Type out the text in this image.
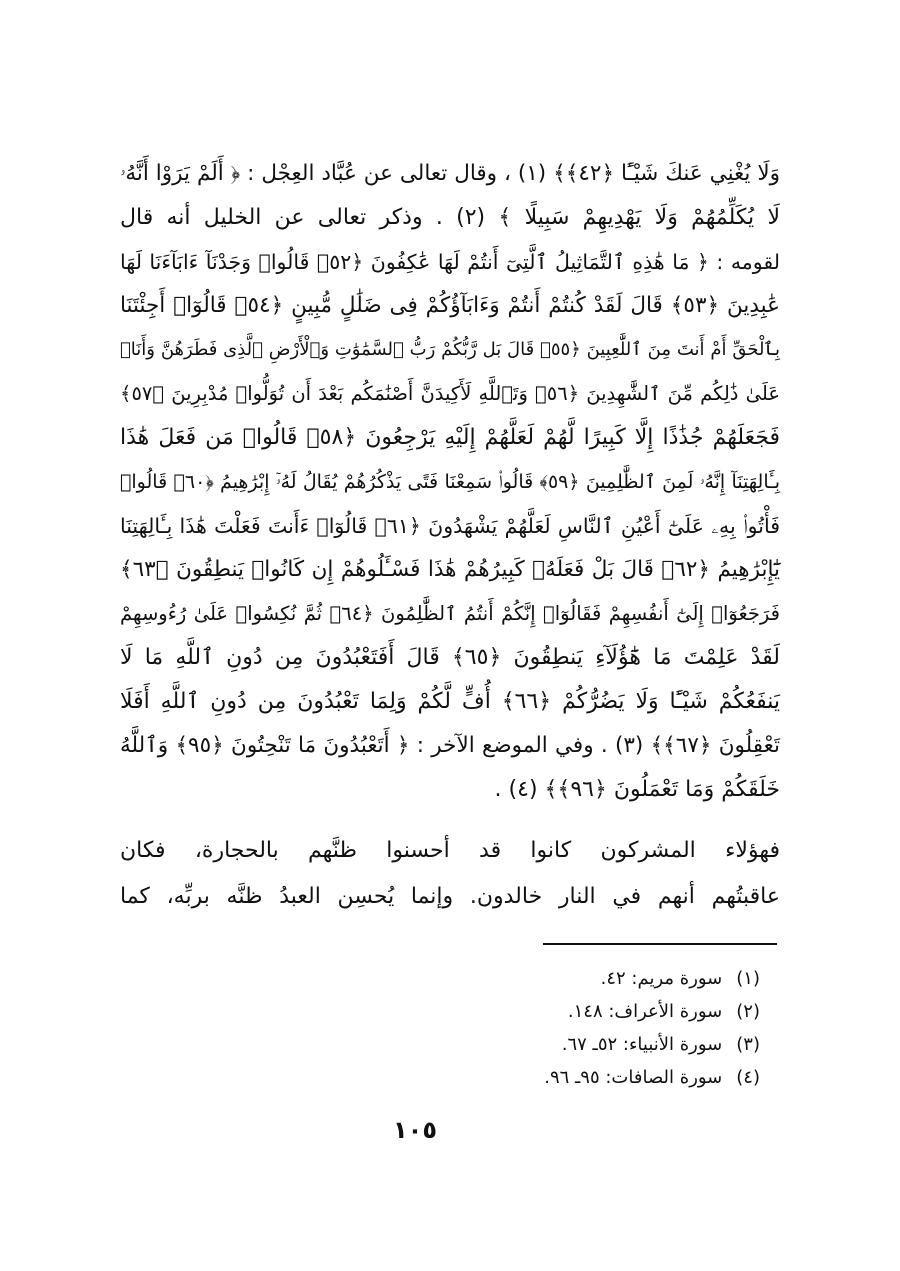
وَلَا يُغْنِي عَنكَ شَيْـًٔا ﴿٤٢﴾﴾ (١) ، وقال تعالى عن عُبَّاد العِجْل : ﴿ أَلَمْ يَرَوْا أَنَّهُۥ
لَا يُكَلِّمُهُمْ وَلَا يَهْدِيهِمْ سَبِيلًا ﴾ (٢) . وذكر تعالى عن الخليل أنه قال
لقومه : ﴿ مَا هَٰذِهِ ٱلتَّمَاثِيلُ ٱلَّتِىٓ أَنتُمْ لَهَا عَٰكِفُونَ ﴿٥٢﴾ قَالُوا۟ وَجَدْنَآ ءَابَآءَنَا لَهَا
عَٰبِدِينَ ﴿٥٣﴾ قَالَ لَقَدْ كُنتُمْ أَنتُمْ وَءَابَآؤُكُمْ فِى ضَلَٰلٍ مُّبِينٍ ﴿٥٤﴾ قَالُوٓا۟ أَجِئْتَنَا
بِٱلْحَقِّ أَمْ أَنتَ مِنَ ٱللَّٰعِبِينَ ﴿٥٥﴾ قَالَ بَل رَّبُّكُمْ رَبُّ ٱلسَّمَٰوَٰتِ وَٱلْأَرْضِ ٱلَّذِى فَطَرَهُنَّ وَأَنَا۠
عَلَىٰ ذَٰلِكُم مِّنَ ٱلشَّٰهِدِينَ ﴿٥٦﴾ وَتَٱللَّهِ لَأَكِيدَنَّ أَصْنَٰمَكُم بَعْدَ أَن تُوَلُّوا۟ مُدْبِرِينَ ﴿٥٧﴾
فَجَعَلَهُمْ جُذَٰذًا إِلَّا كَبِيرًا لَّهُمْ لَعَلَّهُمْ إِلَيْهِ يَرْجِعُونَ ﴿٥٨﴾ قَالُوا۟ مَن فَعَلَ هَٰذَا
بِـَٔالِهَتِنَآ إِنَّهُۥ لَمِنَ ٱلظَّٰلِمِينَ ﴿٥٩﴾ قَالُوا۟ سَمِعْنَا فَتًى يَذْكُرُهُمْ يُقَالُ لَهُۥٓ إِبْرَٰهِيمُ ﴿٦٠﴾ قَالُوا۟
فَأْتُوا۟ بِهِۦ عَلَىٰٓ أَعْيُنِ ٱلنَّاسِ لَعَلَّهُمْ يَشْهَدُونَ ﴿٦١﴾ قَالُوٓا۟ ءَأَنتَ فَعَلْتَ هَٰذَا بِـَٔالِهَتِنَا
يَٰٓإِبْرَٰهِيمُ ﴿٦٢﴾ قَالَ بَلْ فَعَلَهُۥ كَبِيرُهُمْ هَٰذَا فَسْـَٔلُوهُمْ إِن كَانُوا۟ يَنطِقُونَ ﴿٦٣﴾
فَرَجَعُوٓا۟ إِلَىٰٓ أَنفُسِهِمْ فَقَالُوٓا۟ إِنَّكُمْ أَنتُمُ ٱلظَّٰلِمُونَ ﴿٦٤﴾ ثُمَّ نُكِسُوا۟ عَلَىٰ رُءُوسِهِمْ
لَقَدْ عَلِمْتَ مَا هَٰٓؤُلَآءِ يَنطِقُونَ ﴿٦٥﴾ قَالَ أَفَتَعْبُدُونَ مِن دُونِ ٱللَّهِ مَا لَا
يَنفَعُكُمْ شَيْـًٔا وَلَا يَضُرُّكُمْ ﴿٦٦﴾ أُفٍّ لَّكُمْ وَلِمَا تَعْبُدُونَ مِن دُونِ ٱللَّهِ أَفَلَا
تَعْقِلُونَ ﴿٦٧﴾﴾ (٣) . وفي الموضع الآخر : ﴿ أَتَعْبُدُونَ مَا تَنْحِتُونَ ﴿٩٥﴾ وَٱللَّهُ
خَلَقَكُمْ وَمَا تَعْمَلُونَ ﴿٩٦﴾﴾ (٤) .
فهؤلاء المشركون كانوا قد أحسنوا ظنَّهم بالحجارة، فكان
عاقبتُهم أنهم في النار خالدون. وإنما يُحسِن العبدُ ظنَّه بربِّه، كما
(١)سورة مريم: ٤٢.
(٢)سورة الأعراف: ١٤٨.
(٣)سورة الأنبياء: ٥٢ـ ٦٧.
(٤)سورة الصافات: ٩٥ـ ٩٦.
١٠٥
